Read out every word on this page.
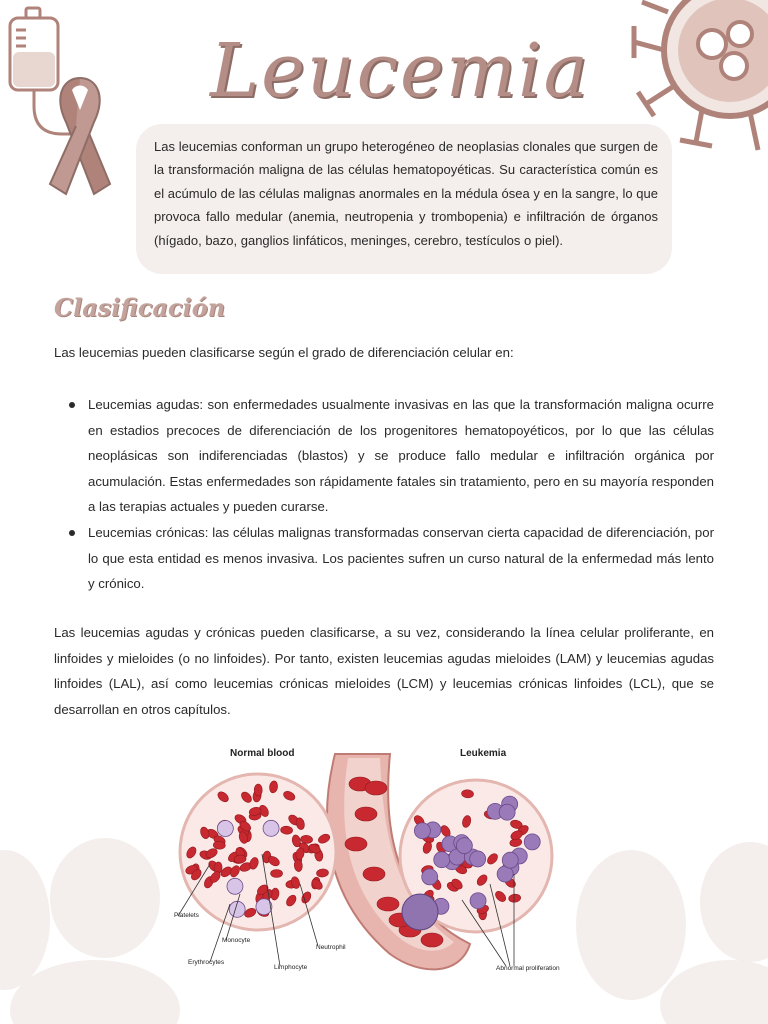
Leucemia
Las leucemias conforman un grupo heterogéneo de neoplasias clonales que surgen de la transformación maligna de las células hematopoyéticas. Su característica común es el acúmulo de las células malignas anormales en la médula ósea y en la sangre, lo que provoca fallo medular (anemia, neutropenia y trombopenia) e infiltración de órganos (hígado, bazo, ganglios linfáticos, meninges, cerebro, testículos o piel).
Clasificación
Las leucemias pueden clasificarse según el grado de diferenciación celular en:
Leucemias agudas: son enfermedades usualmente invasivas en las que la transformación maligna ocurre en estadios precoces de diferenciación de los progenitores hematopoyéticos, por lo que las células neoplásicas son indiferenciadas (blastos) y se produce fallo medular e infiltración orgánica por acumulación. Estas enfermedades son rápidamente fatales sin tratamiento, pero en su mayoría responden a las terapias actuales y pueden curarse.
Leucemias crónicas: las células malignas transformadas conservan cierta capacidad de diferenciación, por lo que esta entidad es menos invasiva. Los pacientes sufren un curso natural de la enfermedad más lento y crónico.
Las leucemias agudas y crónicas pueden clasificarse, a su vez, considerando la línea celular proliferante, en linfoides y mieloides (o no linfoides). Por tanto, existen leucemias agudas mieloides (LAM) y leucemias agudas linfoides (LAL), así como leucemias crónicas mieloides (LCM) y leucemias crónicas linfoides (LCL), que se desarrollan en otros capítulos.
Normal blood	Leukemia
Platelets
Monocyte
Erythrocytes
Limphocyte
Neutrophil
Abnormal proliferation
